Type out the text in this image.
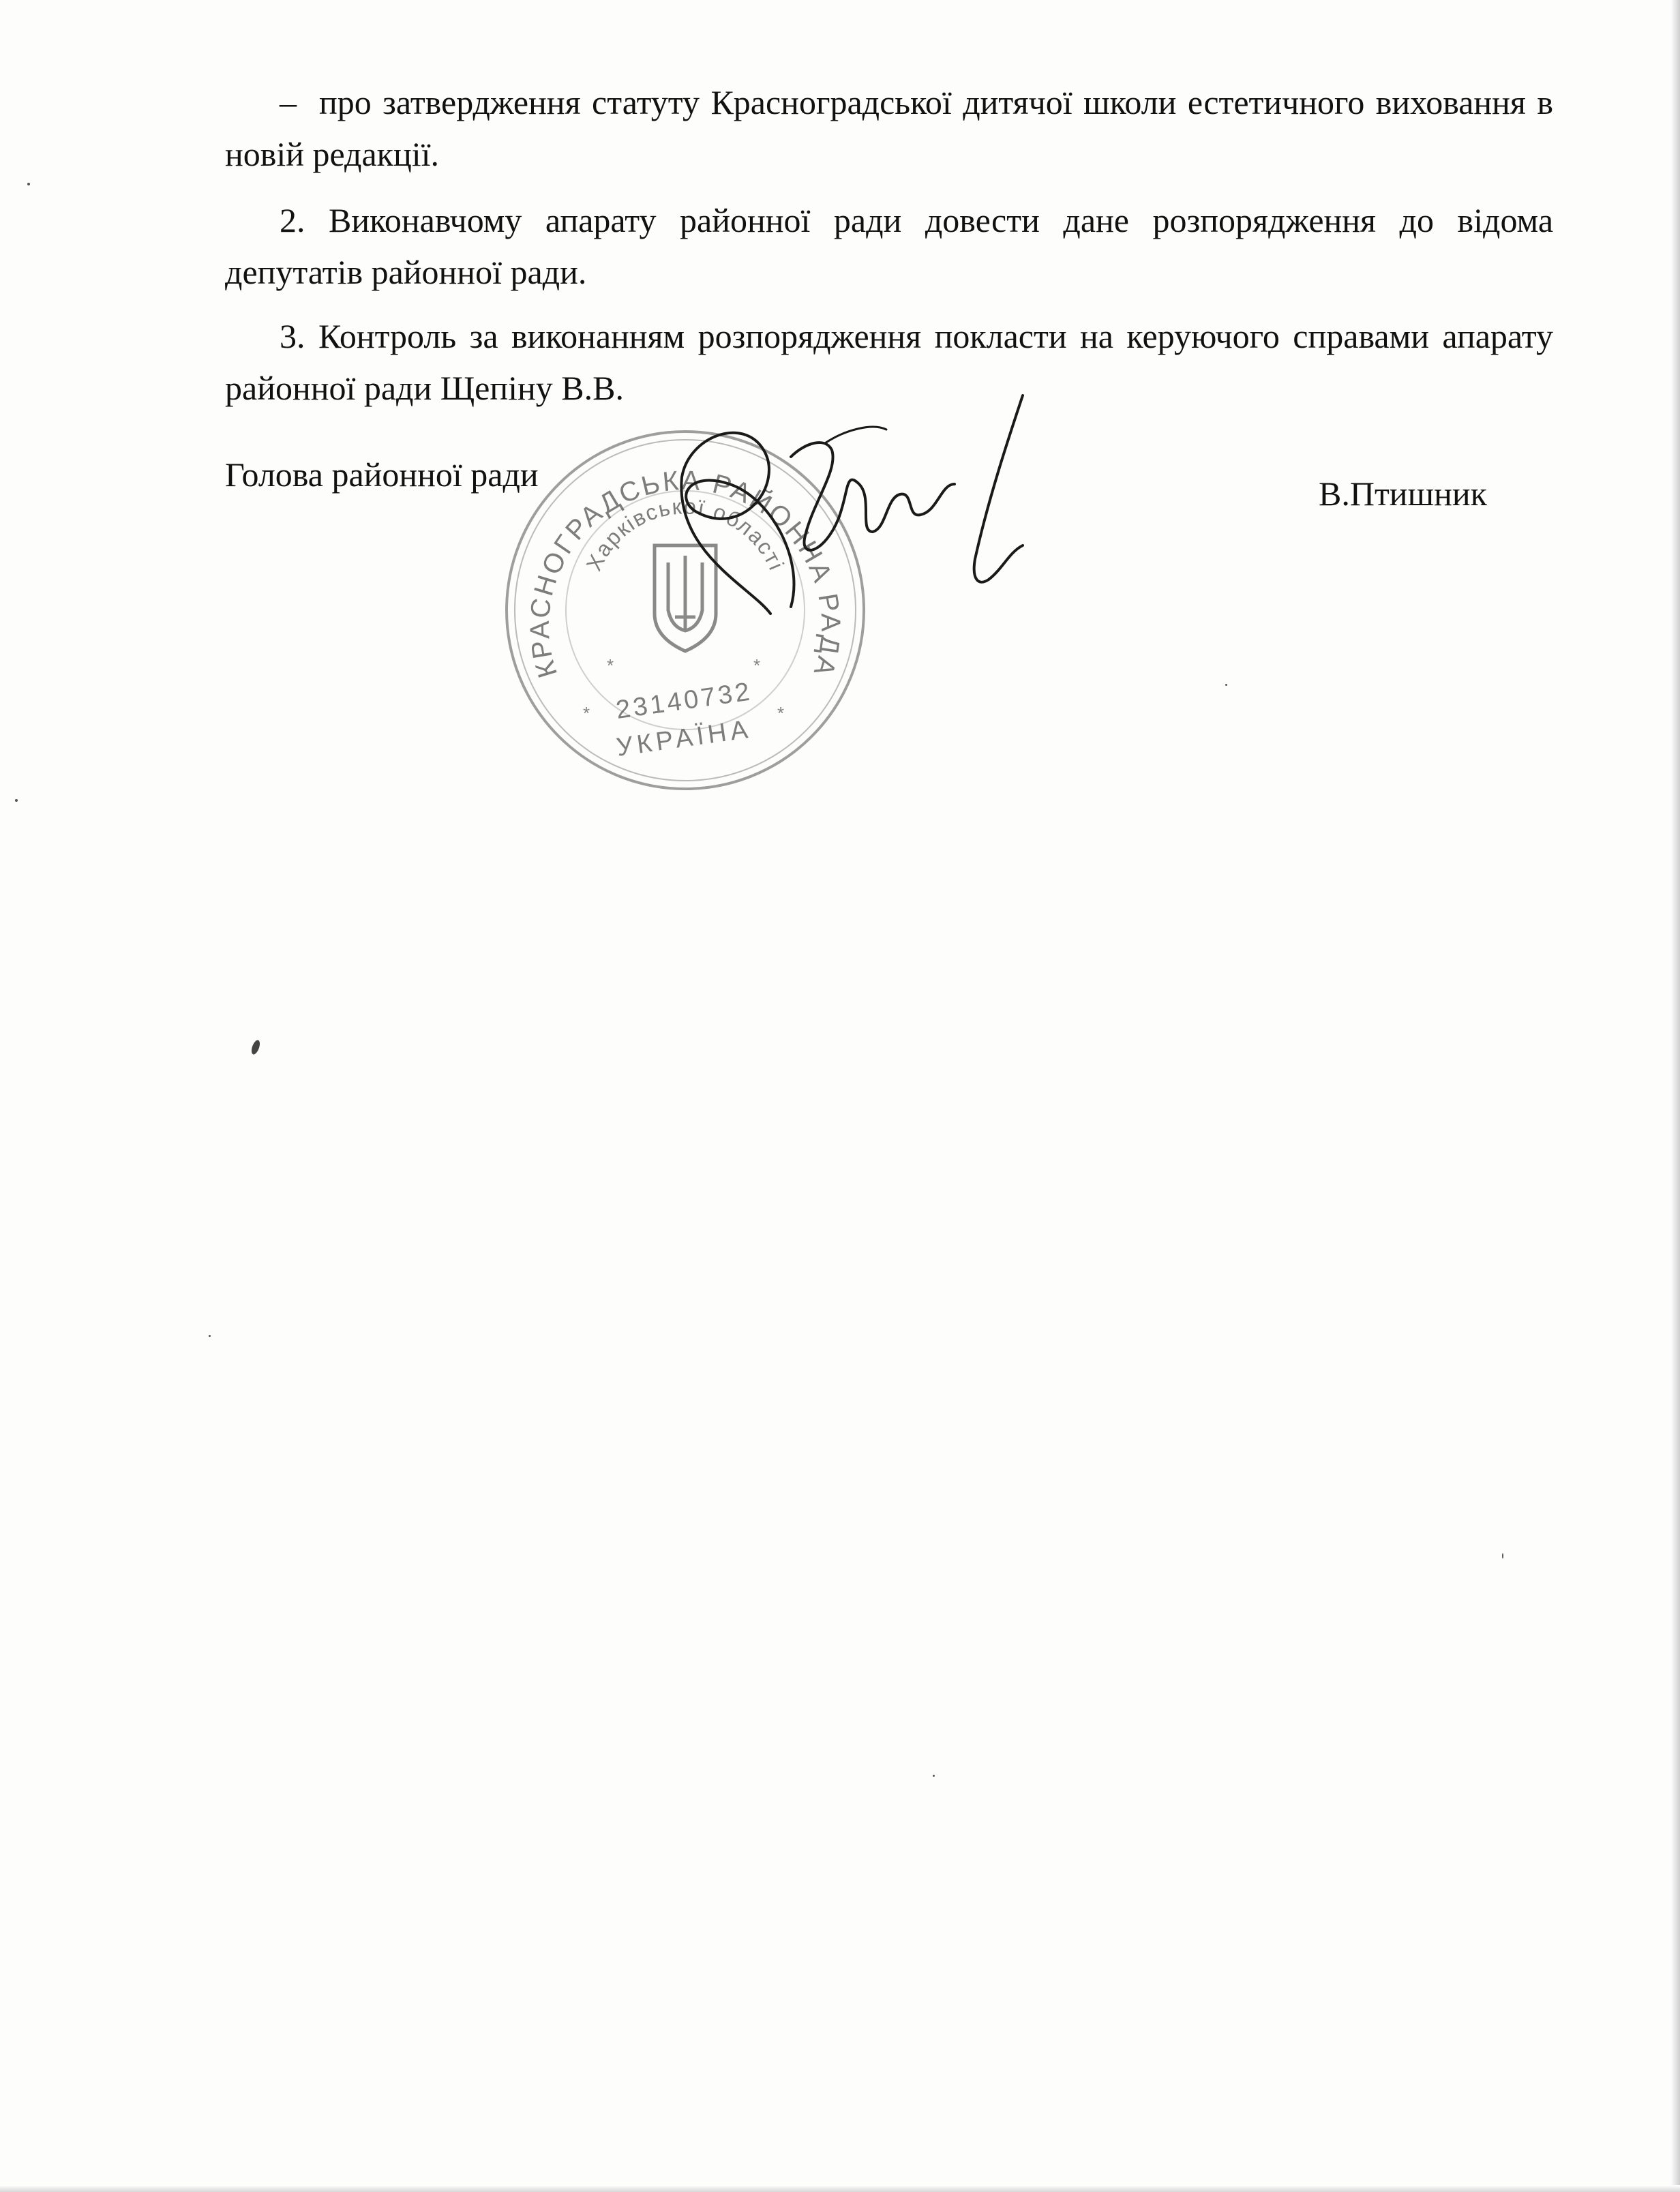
– про затвердження статуту Красноградської дитячої школи естетичного виховання в новій редакції.

2. Виконавчому апарату районної ради довести дане розпорядження до відома депутатів районної ради.

3. Контроль за виконанням розпорядження покласти на керуючого справами апарату районної ради Щепіну В.В.

Голова районної ради	В.Птишник
КРАСНОГРАДСЬКА РАЙОННА РАДА
Харківської області
*	*
*	*
23140732
УКРАЇНА
